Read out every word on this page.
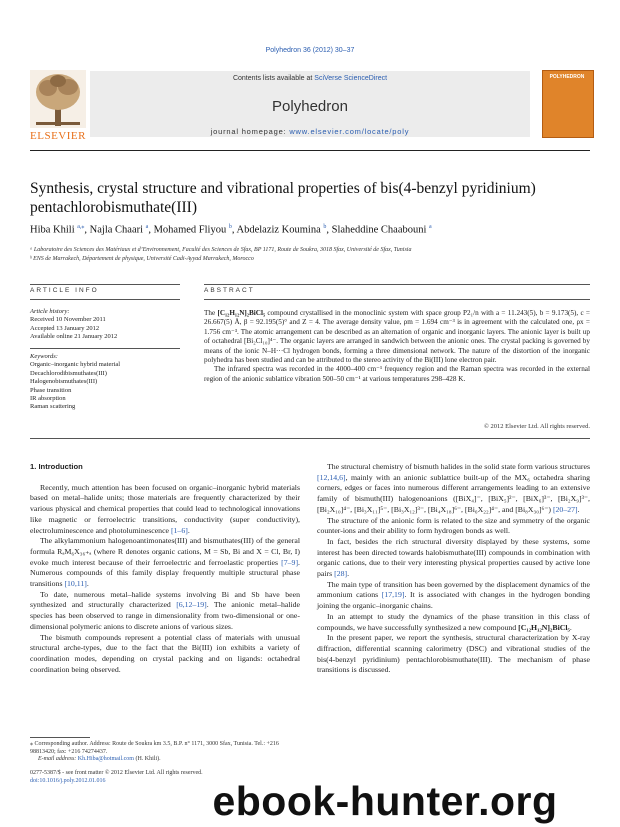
Polyhedron 36 (2012) 30–37
Contents lists available at SciVerse ScienceDirect
Polyhedron
journal homepage: www.elsevier.com/locate/poly
ELSEVIER
POLYHEDRON
Synthesis, crystal structure and vibrational properties of bis(4-benzyl pyridinium) pentachlorobismuthate(III)
Hiba Khili $^{a,⁎}$, Najla Chaari $^a$, Mohamed Fliyou $^b$, Abdelaziz Koumina $^b$, Slaheddine Chaabouni $^a$
ᵃ Laboratoire des Sciences des Matériaux et d’Environnement, Faculté des Sciences de Sfax, BP 1171, Route de Soukra, 3018 Sfax, Université de Sfax, Tunisia
ᵇ ENS de Marrakech, Département de physique, Université Cadi-Ayyad Marrakech, Morocco
ARTICLE INFO	ABSTRACT
Article history:
Received 10 November 2011
Accepted 13 January 2012
Available online 21 January 2012
Keywords:
Organic–inorganic hybrid material
Decachlorodibismuthates(III)
Halogenobismuthates(III)
Phase transition
IR absorption
Raman scattering

The [C₁₂H₁₂N]₂BiCl₅ compound crystallised in the monoclinic system with space group P2₁/n with a = 11.243(5), b = 9.173(5), c = 26.667(5) Å, β = 92.195(5)° and Z = 4. The average density value, ρm = 1.694 cm⁻³ is in agreement with the calculated one, ρx = 1.756 cm⁻³. The atomic arrangement can be described as an alternation of organic and inorganic layers. The anionic layer is built up of octahedral [Bi₂Cl₁₀]⁴⁻. The organic layers are arranged in sandwich between the anionic ones. The crystal packing is governed by means of the ionic N–H···Cl hydrogen bonds, forming a three dimensional network. The nature of the distortion of the inorganic polyhedra has been studied and can be attributed to the stereo activity of the Bi(III) lone electron pair.

The infrared spectra was recorded in the 4000–400 cm⁻¹ frequency region and the Raman spectra was recorded in the external region of the anionic sublattice vibration 500–50 cm⁻¹ at various temperatures 298–428 K.

© 2012 Elsevier Ltd. All rights reserved.
1. Introduction

Recently, much attention has been focused on organic–inorganic hybrid materials based on metal–halide units; those materials are frequently characterized by their various physical and chemical properties that could lead to technological innovations like magnetic or ferroelectric transitions, conductivity (super conductivity), electroluminescence and photoluminescence [1–6].

The alkylammonium halogenoantimonates(III) and bismuthates(III) of the general formula RₐM₆X₃₆₊ₐ (where R denotes organic cations, M = Sb, Bi and X = Cl, Br, I) evoke much interest because of their ferroelectric and ferroelastic properties [7–9]. Numerous compounds of this family display frequently multiple structural phase transitions [10,11].

To date, numerous metal–halide systems involving Bi and Sb have been synthesized and structurally characterized [6,12–19]. The anionic metal–halide species has been observed to range in dimensionality from two-dimensional or one-dimensional polymeric anions to discrete anions of various sizes.

The bismuth compounds represent a potential class of materials with unusual structural arche-types, due to the fact that the Bi(III) ion exhibits a variety of coordination modes, depending on crystal packing and on ligands: octahedral coordination being observed.

The structural chemistry of bismuth halides in the solid state form various structures [12,14,6], mainly with an anionic sublattice built-up of the MX₆ octahedra sharing corners, edges or faces into numerous different arrangements leading to an extensive family of bismuth(III) halogenoanions ([BiX₄]⁻, [BiX₅]²⁻, [BiX₆]³⁻, [Bi₂X₉]³⁻, [Bi₂X₁₀]⁴⁻, [Bi₃X₁₁]⁵⁻, [Bi₃X₁₂]³⁻, [Bi₄X₁₈]⁶⁻, [Bi₆X₂₂]⁴⁻, and [Bi₈X₃₀]⁶⁻) [20–27].

The structure of the anionic form is related to the size and symmetry of the organic counter-ions and their ability to form hydrogen bonds as well.

In fact, besides the rich structural diversity displayed by these systems, some interest has been directed towards halobismuthate(III) compounds in combination with organic cations, due to their very interesting physical properties caused by active lone pairs [28].

The main type of transition has been governed by the displacement dynamics of the ammonium cations [17,19]. It is associated with changes in the hydrogen bonding joining the organic–inorganic chains.

In an attempt to study the dynamics of the phase transition in this class of compounds, we have successfully synthesized a new compound [C₁₂H₁₂N]₂BiCl₅.

In the present paper, we report the synthesis, structural characterization by X-ray diffraction, differential scanning calorimetry (DSC) and vibrational studies of the bis(4-benzyl pyridinium) pentachlorobismuthate(III). The mechanism of phase transitions is discussed.

⁎ Corresponding author. Address: Route de Soukra km 3.5, B.P. n° 1171, 3000 Sfax, Tunisia. Tel.: +216 98813420; fax: +216 74274437.
E-mail address: Kh.Hiba@hotmail.com (H. Khili).
0277-5387/$ - see front matter © 2012 Elsevier Ltd. All rights reserved.
doi:10.1016/j.poly.2012.01.016	ebook-hunter.org
